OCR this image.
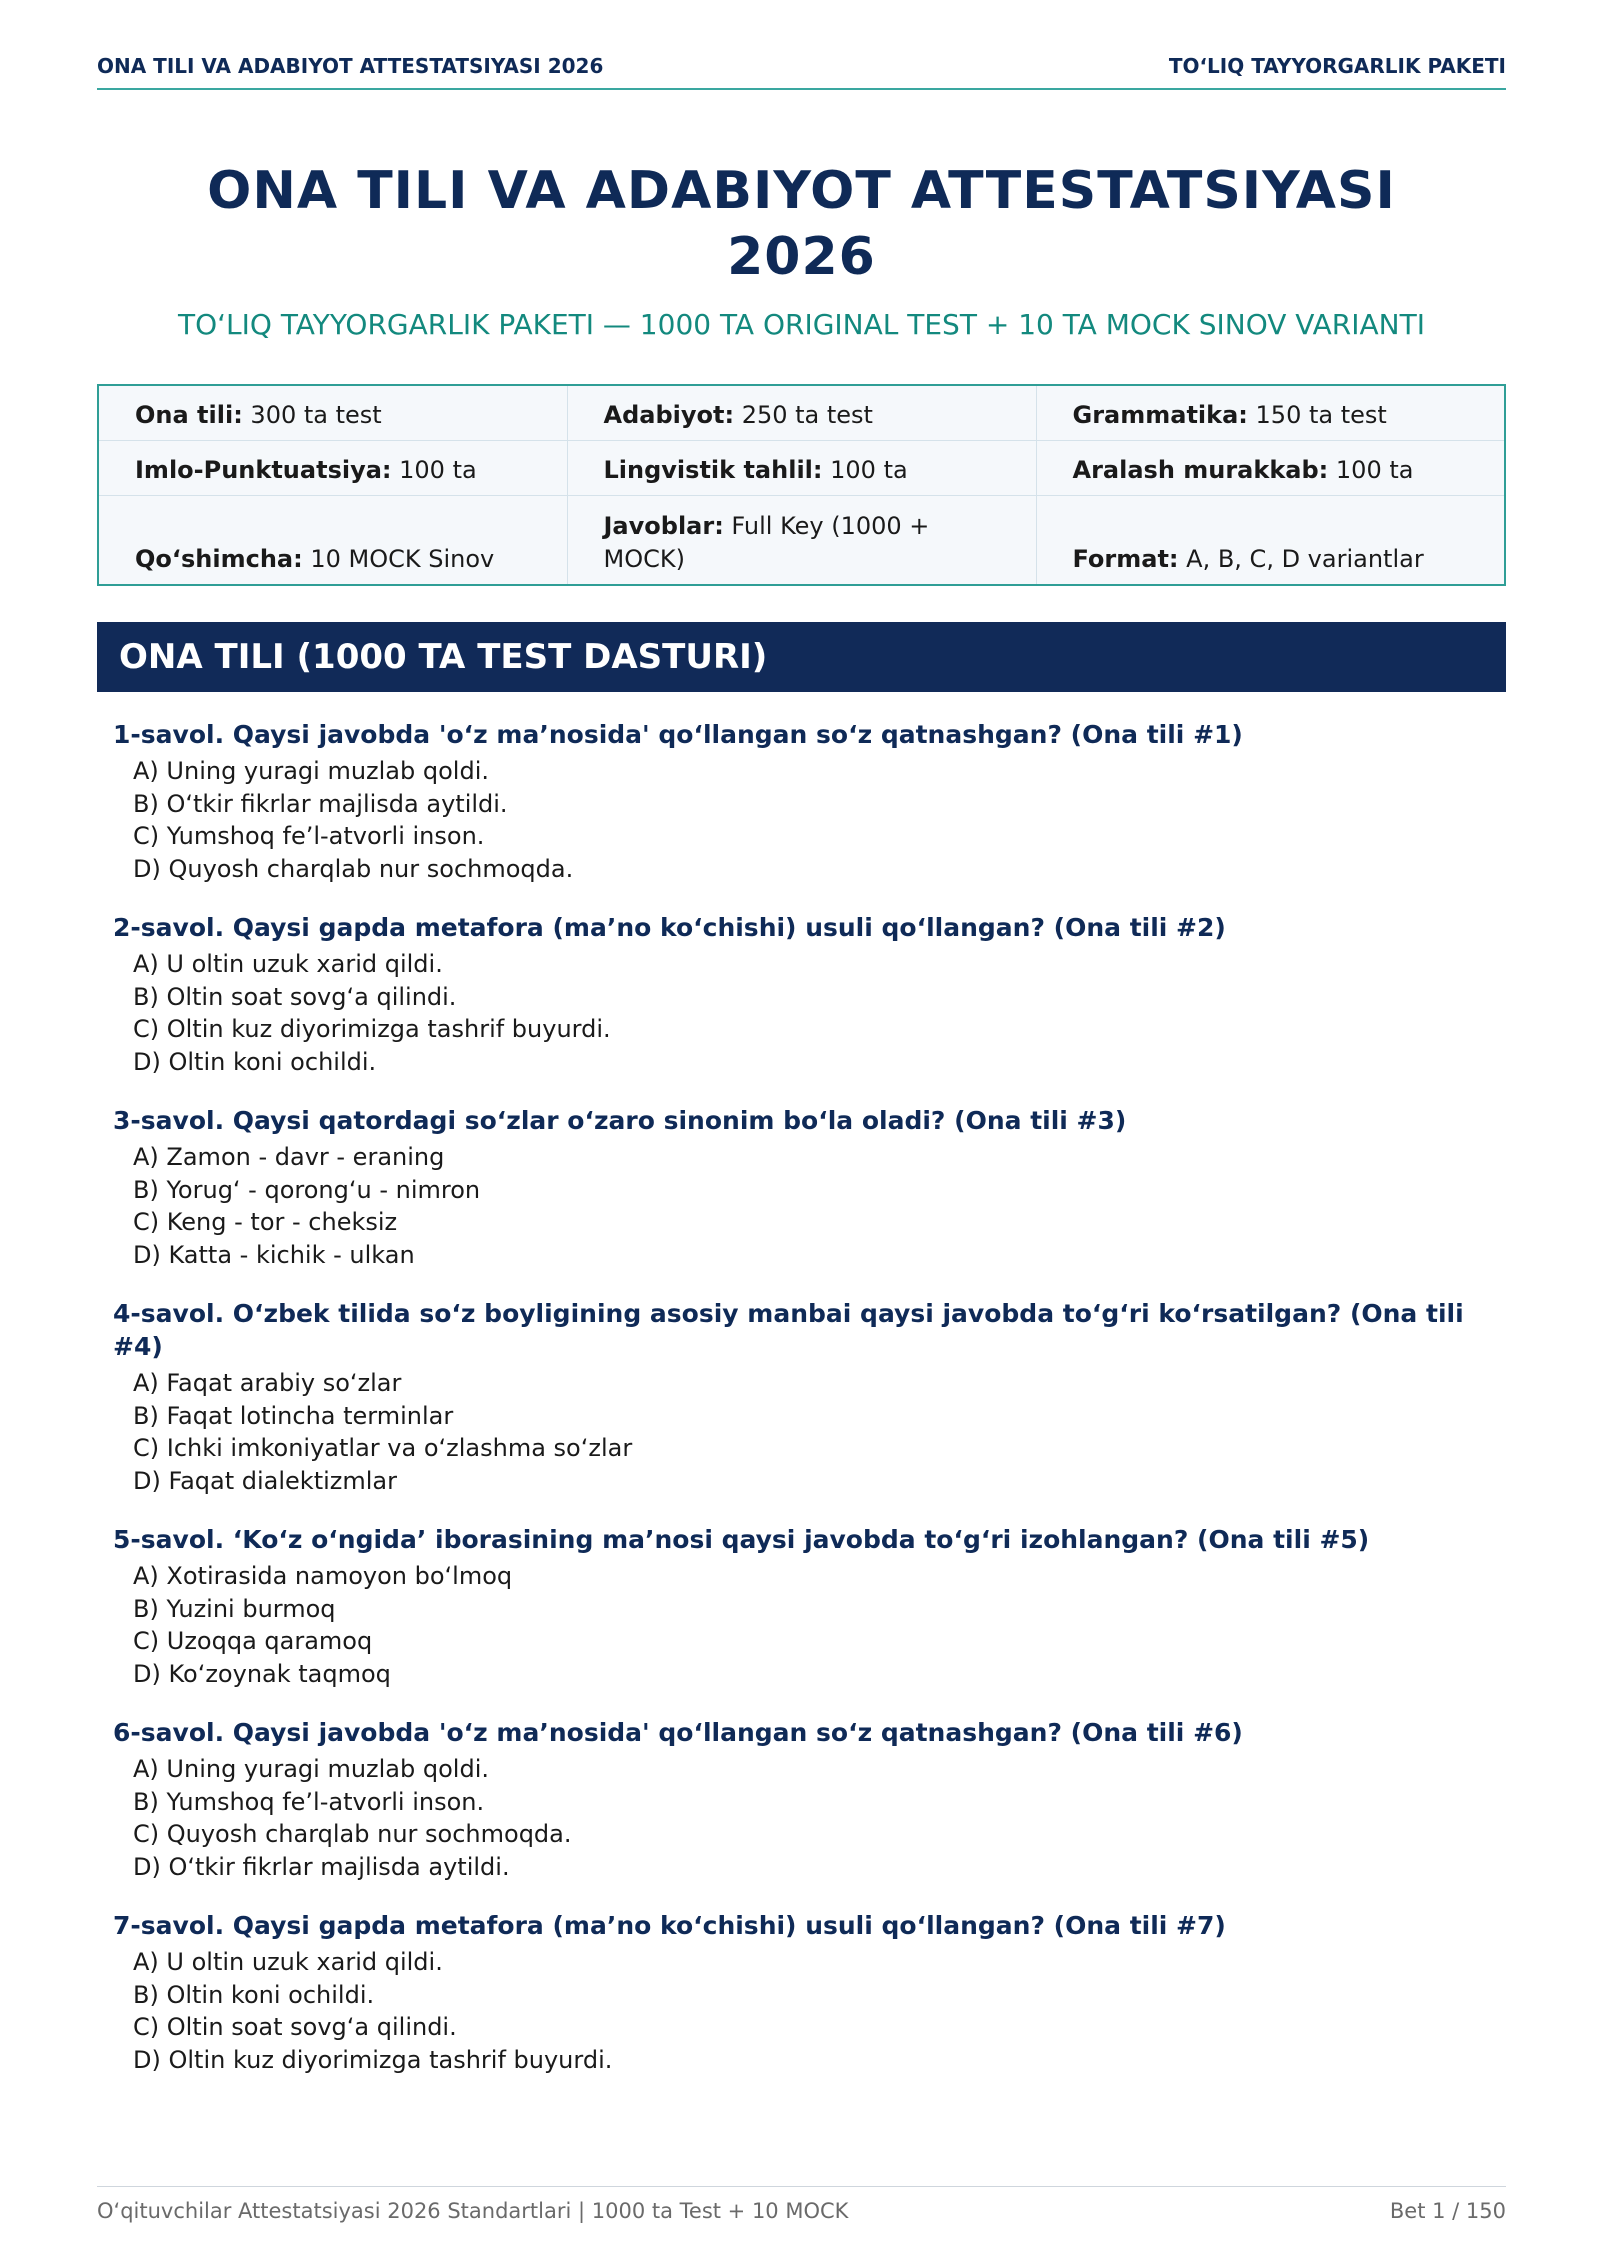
ONA TILI VA ADABIYOT ATTESTATSIYASI 2026	TO‘LIQ TAYYORGARLIK PAKETI
ONA TILI VA ADABIYOT ATTESTATSIYASI
2026
TO‘LIQ TAYYORGARLIK PAKETI — 1000 TA ORIGINAL TEST + 10 TA MOCK SINOV VARIANTI
Ona tili: 300 ta test	Adabiyot: 250 ta test	Grammatika: 150 ta test
Imlo-Punktuatsiya: 100 ta	Lingvistik tahlil: 100 ta	Aralash murakkab: 100 ta
Qo‘shimcha: 10 MOCK Sinov	Javoblar: Full Key (1000 + MOCK)	Format: A, B, C, D variantlar
ONA TILI (1000 TA TEST DASTURI)
1-savol. Qaysi javobda 'o‘z ma’nosida' qo‘llangan so‘z qatnashgan? (Ona tili #1)
A) Uning yuragi muzlab qoldi.
B) O‘tkir fikrlar majlisda aytildi.
C) Yumshoq fe’l-atvorli inson.
D) Quyosh charqlab nur sochmoqda.
2-savol. Qaysi gapda metafora (ma’no ko‘chishi) usuli qo‘llangan? (Ona tili #2)
A) U oltin uzuk xarid qildi.
B) Oltin soat sovg‘a qilindi.
C) Oltin kuz diyorimizga tashrif buyurdi.
D) Oltin koni ochildi.
3-savol. Qaysi qatordagi so‘zlar o‘zaro sinonim bo‘la oladi? (Ona tili #3)
A) Zamon - davr - eraning
B) Yorug‘ - qorong‘u - nimron
C) Keng - tor - cheksiz
D) Katta - kichik - ulkan
4-savol. O‘zbek tilida so‘z boyligining asosiy manbai qaysi javobda to‘g‘ri ko‘rsatilgan? (Ona tili #4)
A) Faqat arabiy so‘zlar
B) Faqat lotincha terminlar
C) Ichki imkoniyatlar va o‘zlashma so‘zlar
D) Faqat dialektizmlar
5-savol. ‘Ko‘z o‘ngida’ iborasining ma’nosi qaysi javobda to‘g‘ri izohlangan? (Ona tili #5)
A) Xotirasida namoyon bo‘lmoq
B) Yuzini burmoq
C) Uzoqqa qaramoq
D) Ko‘zoynak taqmoq
6-savol. Qaysi javobda 'o‘z ma’nosida' qo‘llangan so‘z qatnashgan? (Ona tili #6)
A) Uning yuragi muzlab qoldi.
B) Yumshoq fe’l-atvorli inson.
C) Quyosh charqlab nur sochmoqda.
D) O‘tkir fikrlar majlisda aytildi.
7-savol. Qaysi gapda metafora (ma’no ko‘chishi) usuli qo‘llangan? (Ona tili #7)
A) U oltin uzuk xarid qildi.
B) Oltin koni ochildi.
C) Oltin soat sovg‘a qilindi.
D) Oltin kuz diyorimizga tashrif buyurdi.
O‘qituvchilar Attestatsiyasi 2026 Standartlari | 1000 ta Test + 10 MOCK	Bet 1 / 150
